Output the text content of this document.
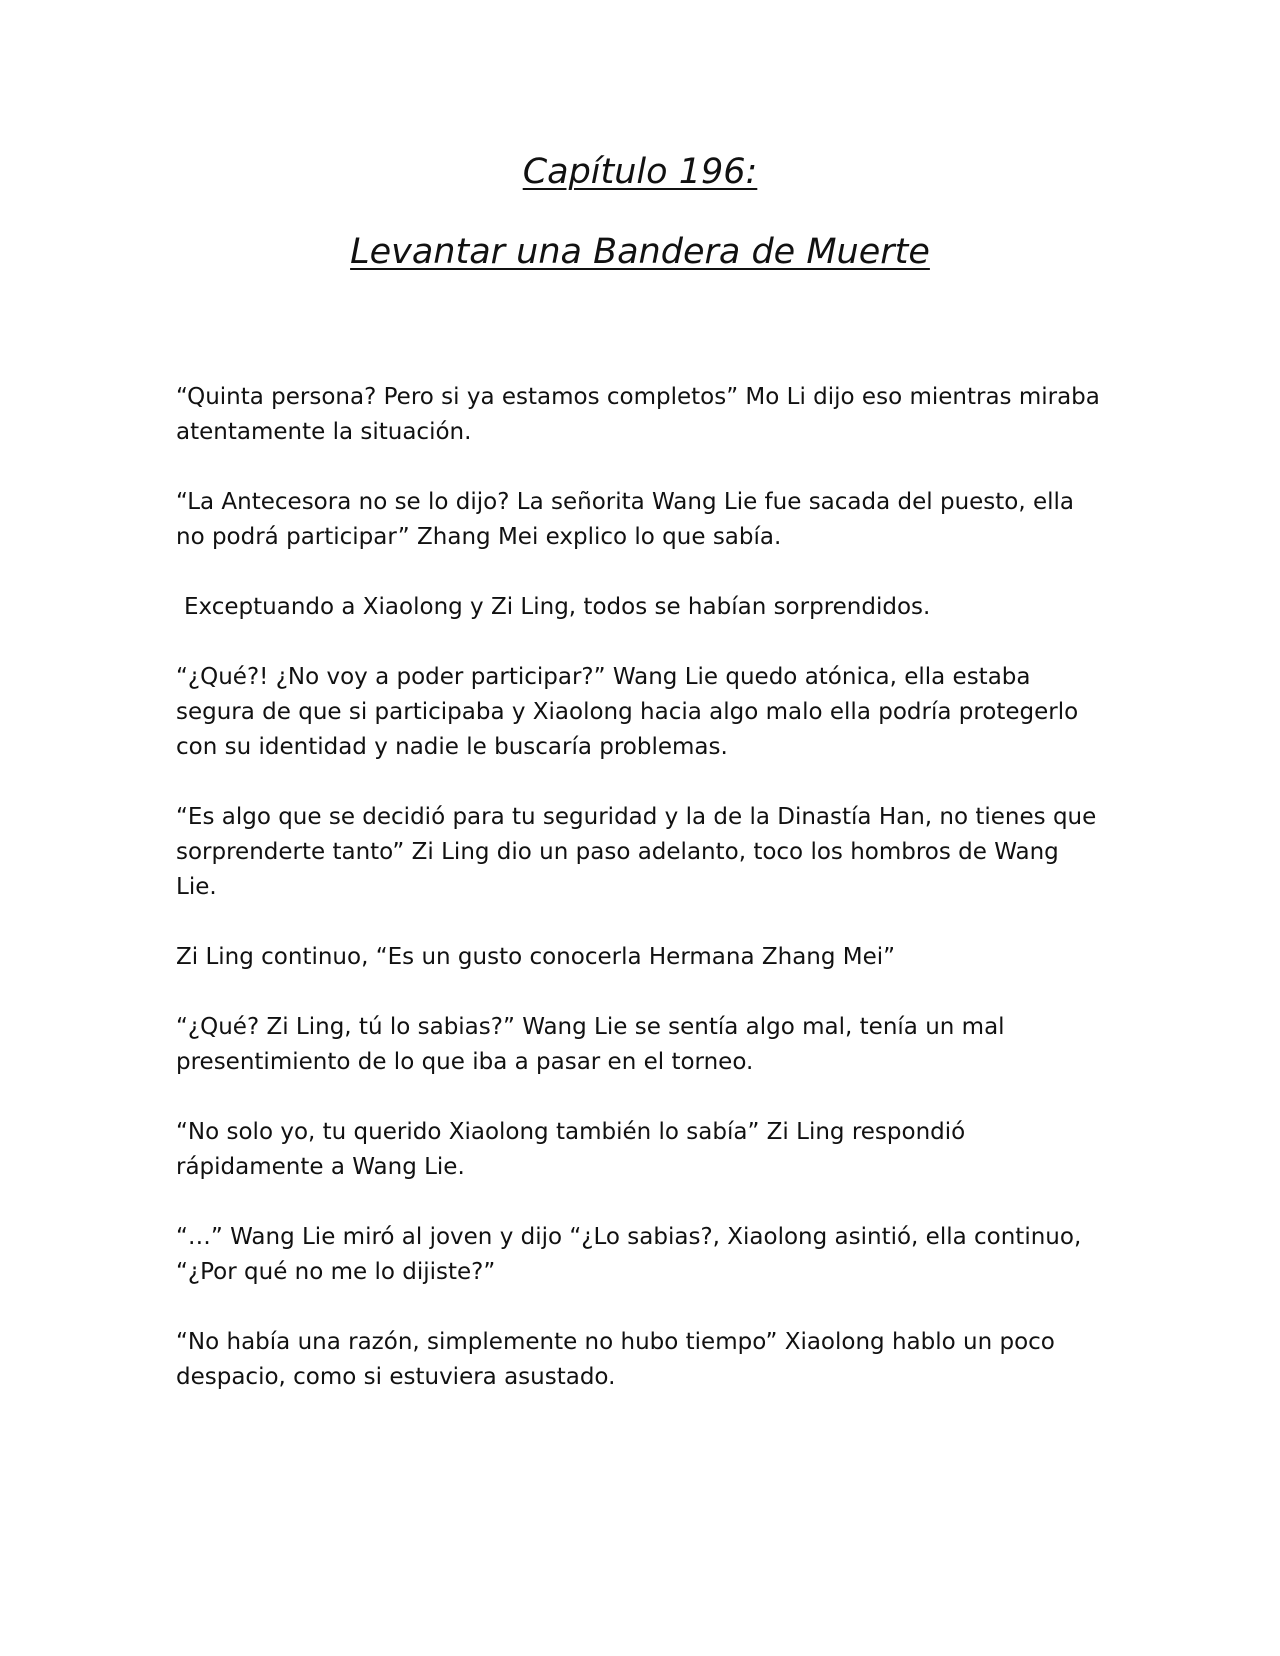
Capítulo 196:
Levantar una Bandera de Muerte

“Quinta persona? Pero si ya estamos completos” Mo Li dijo eso mientras miraba atentamente la situación.

“La Antecesora no se lo dijo? La señorita Wang Lie fue sacada del puesto, ella no podrá participar” Zhang Mei explico lo que sabía.

Exceptuando a Xiaolong y Zi Ling, todos se habían sorprendidos.

“¿Qué?! ¿No voy a poder participar?” Wang Lie quedo atónica, ella estaba segura de que si participaba y Xiaolong hacia algo malo ella podría protegerlo con su identidad y nadie le buscaría problemas.

“Es algo que se decidió para tu seguridad y la de la Dinastía Han, no tienes que sorprenderte tanto” Zi Ling dio un paso adelanto, toco los hombros de Wang Lie.

Zi Ling continuo, “Es un gusto conocerla Hermana Zhang Mei”

“¿Qué? Zi Ling, tú lo sabias?” Wang Lie se sentía algo mal, tenía un mal presentimiento de lo que iba a pasar en el torneo.

“No solo yo, tu querido Xiaolong también lo sabía” Zi Ling respondió rápidamente a Wang Lie.

“…” Wang Lie miró al joven y dijo “¿Lo sabias?, Xiaolong asintió, ella continuo, “¿Por qué no me lo dijiste?”

“No había una razón, simplemente no hubo tiempo” Xiaolong hablo un poco despacio, como si estuviera asustado.
